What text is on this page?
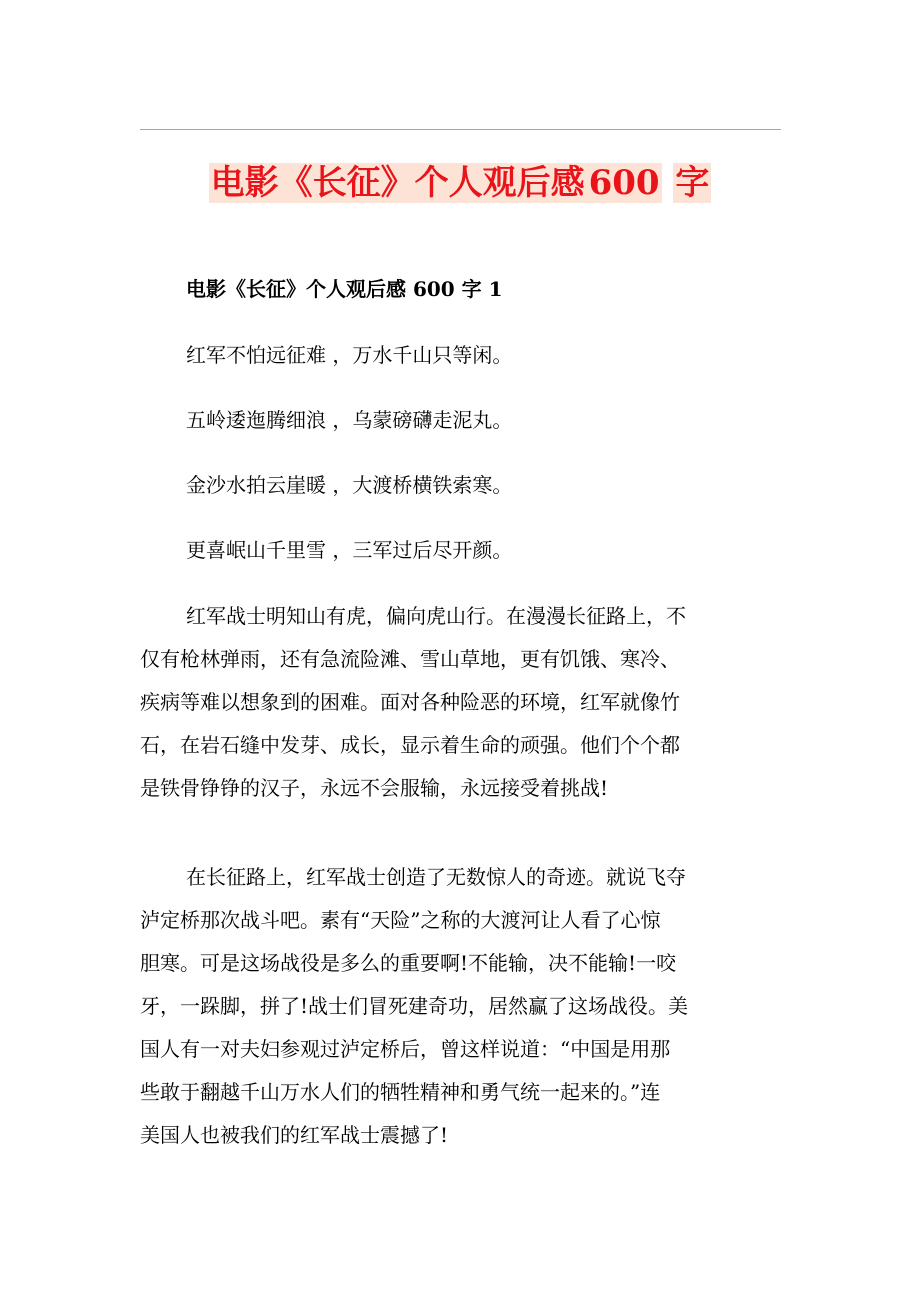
电影《长征》个人观后感 600 字
电影《长征》个人观后感 600 字 1
红军不怕远征难 ，万水千山只等闲。
五岭逶迤腾细浪 ，乌蒙磅礴走泥丸。
金沙水拍云崖暖 ，大渡桥横铁索寒。
更喜岷山千里雪 ，三军过后尽开颜。
红军战士明知山有虎，偏向虎山行。在漫漫长征路上，不
仅有枪林弹雨，还有急流险滩、雪山草地，更有饥饿、寒冷、
疾病等难以想象到的困难。面对各种险恶的环境，红军就像竹
石，在岩石缝中发芽、成长，显示着生命的顽强。他们个个都
是铁骨铮铮的汉子，永远不会服输，永远接受着挑战!
在长征路上，红军战士创造了无数惊人的奇迹。就说飞夺
泸定桥那次战斗吧。素有“天险”之称的大渡河让人看了心惊
胆寒。可是这场战役是多么的重要啊!不能输，决不能输!一咬
牙，一跺脚，拼了!战士们冒死建奇功，居然赢了这场战役。美
国人有一对夫妇参观过泸定桥后，曾这样说道：“中国是用那
些敢于翻越千山万水人们的牺牲精神和勇气统一起来的。”连
美国人也被我们的红军战士震撼了!
